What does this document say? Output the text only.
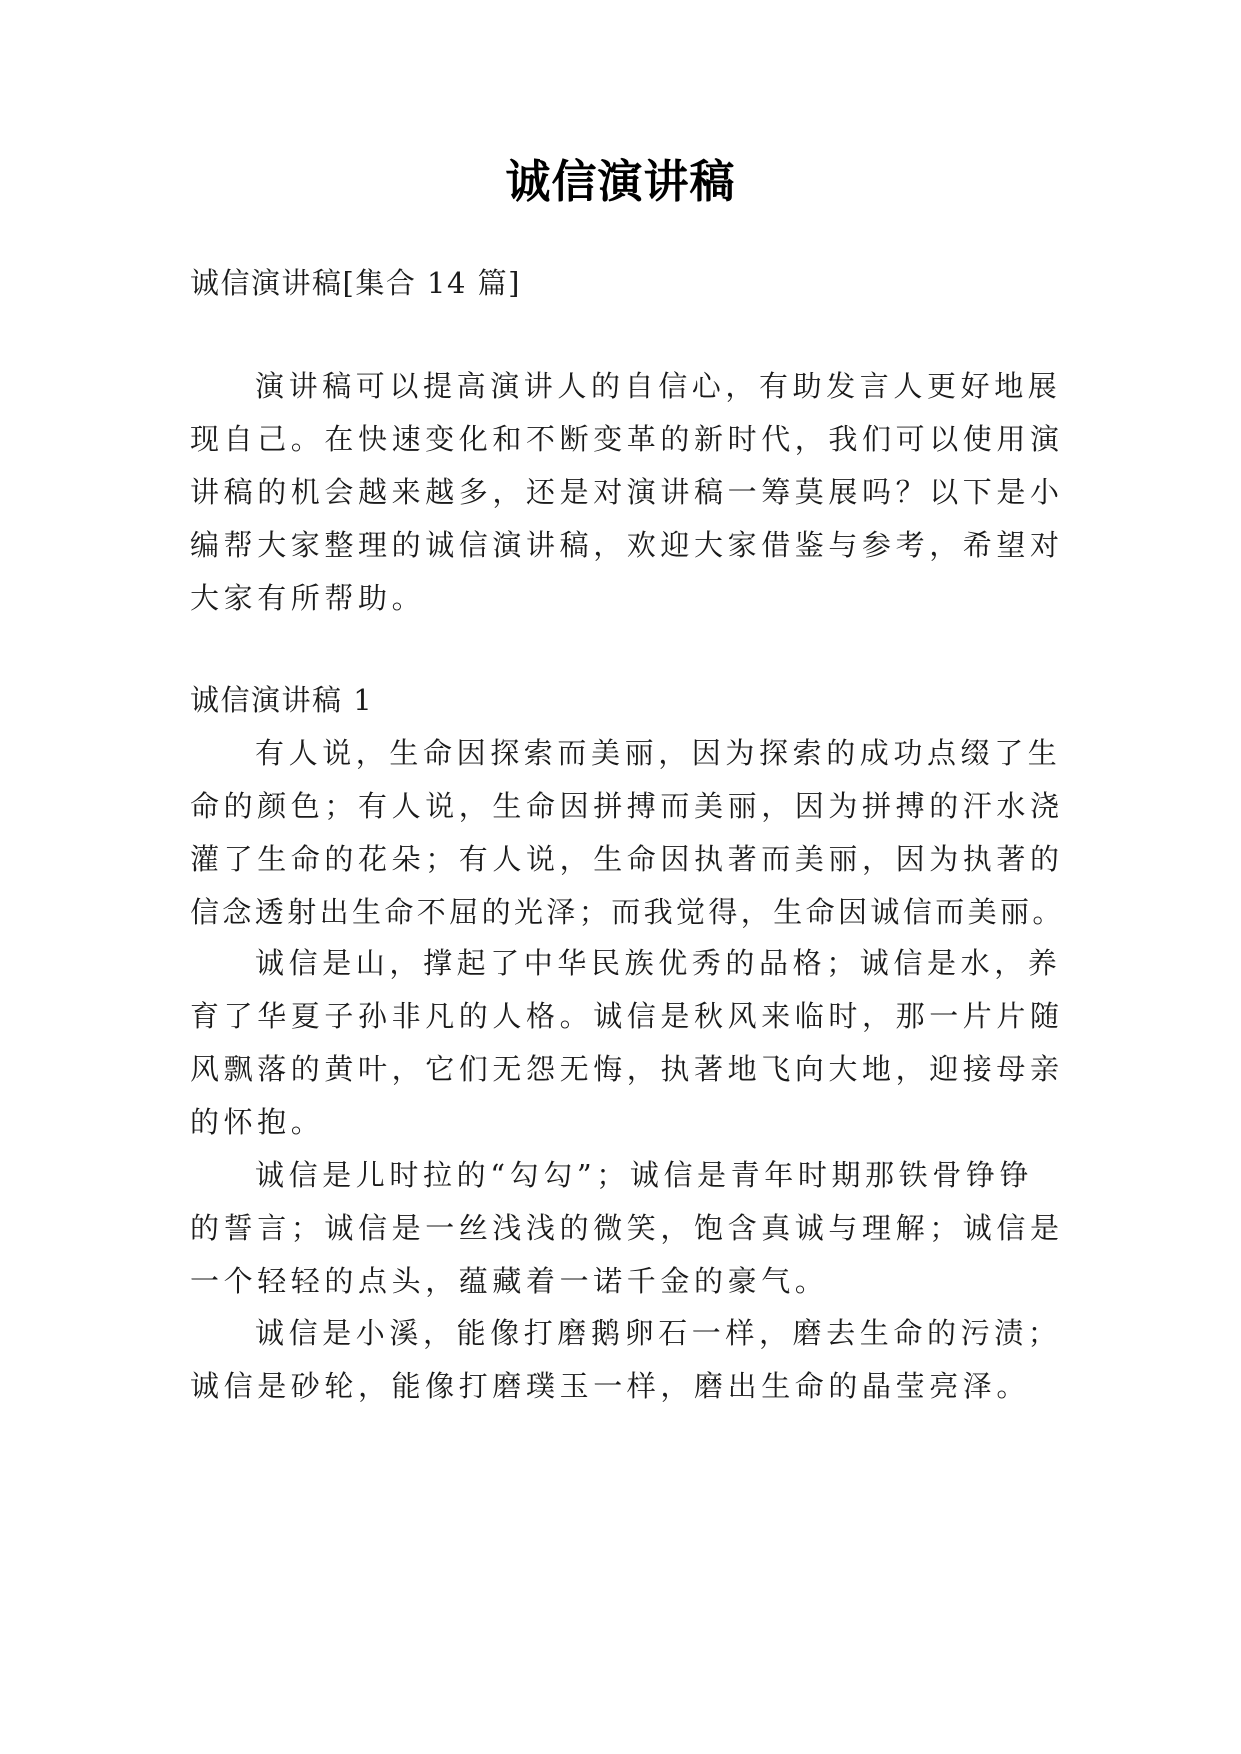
诚信演讲稿
诚信演讲稿[集合 14 篇]
演讲稿可以提高演讲人的自信心，有助发言人更好地展
现自己。在快速变化和不断变革的新时代，我们可以使用演
讲稿的机会越来越多，还是对演讲稿一筹莫展吗？以下是小
编帮大家整理的诚信演讲稿，欢迎大家借鉴与参考，希望对
大家有所帮助。
诚信演讲稿 1
有人说，生命因探索而美丽，因为探索的成功点缀了生
命的颜色；有人说，生命因拼搏而美丽，因为拼搏的汗水浇
灌了生命的花朵；有人说，生命因执著而美丽，因为执著的
信念透射出生命不屈的光泽；而我觉得，生命因诚信而美丽。
诚信是山，撑起了中华民族优秀的品格；诚信是水，养
育了华夏子孙非凡的人格。诚信是秋风来临时，那一片片随
风飘落的黄叶，它们无怨无悔，执著地飞向大地，迎接母亲
的怀抱。
诚信是儿时拉的“勾勾”；诚信是青年时期那铁骨铮铮
的誓言；诚信是一丝浅浅的微笑，饱含真诚与理解；诚信是
一个轻轻的点头，蕴藏着一诺千金的豪气。
诚信是小溪，能像打磨鹅卵石一样，磨去生命的污渍；
诚信是砂轮，能像打磨璞玉一样，磨出生命的晶莹亮泽。
